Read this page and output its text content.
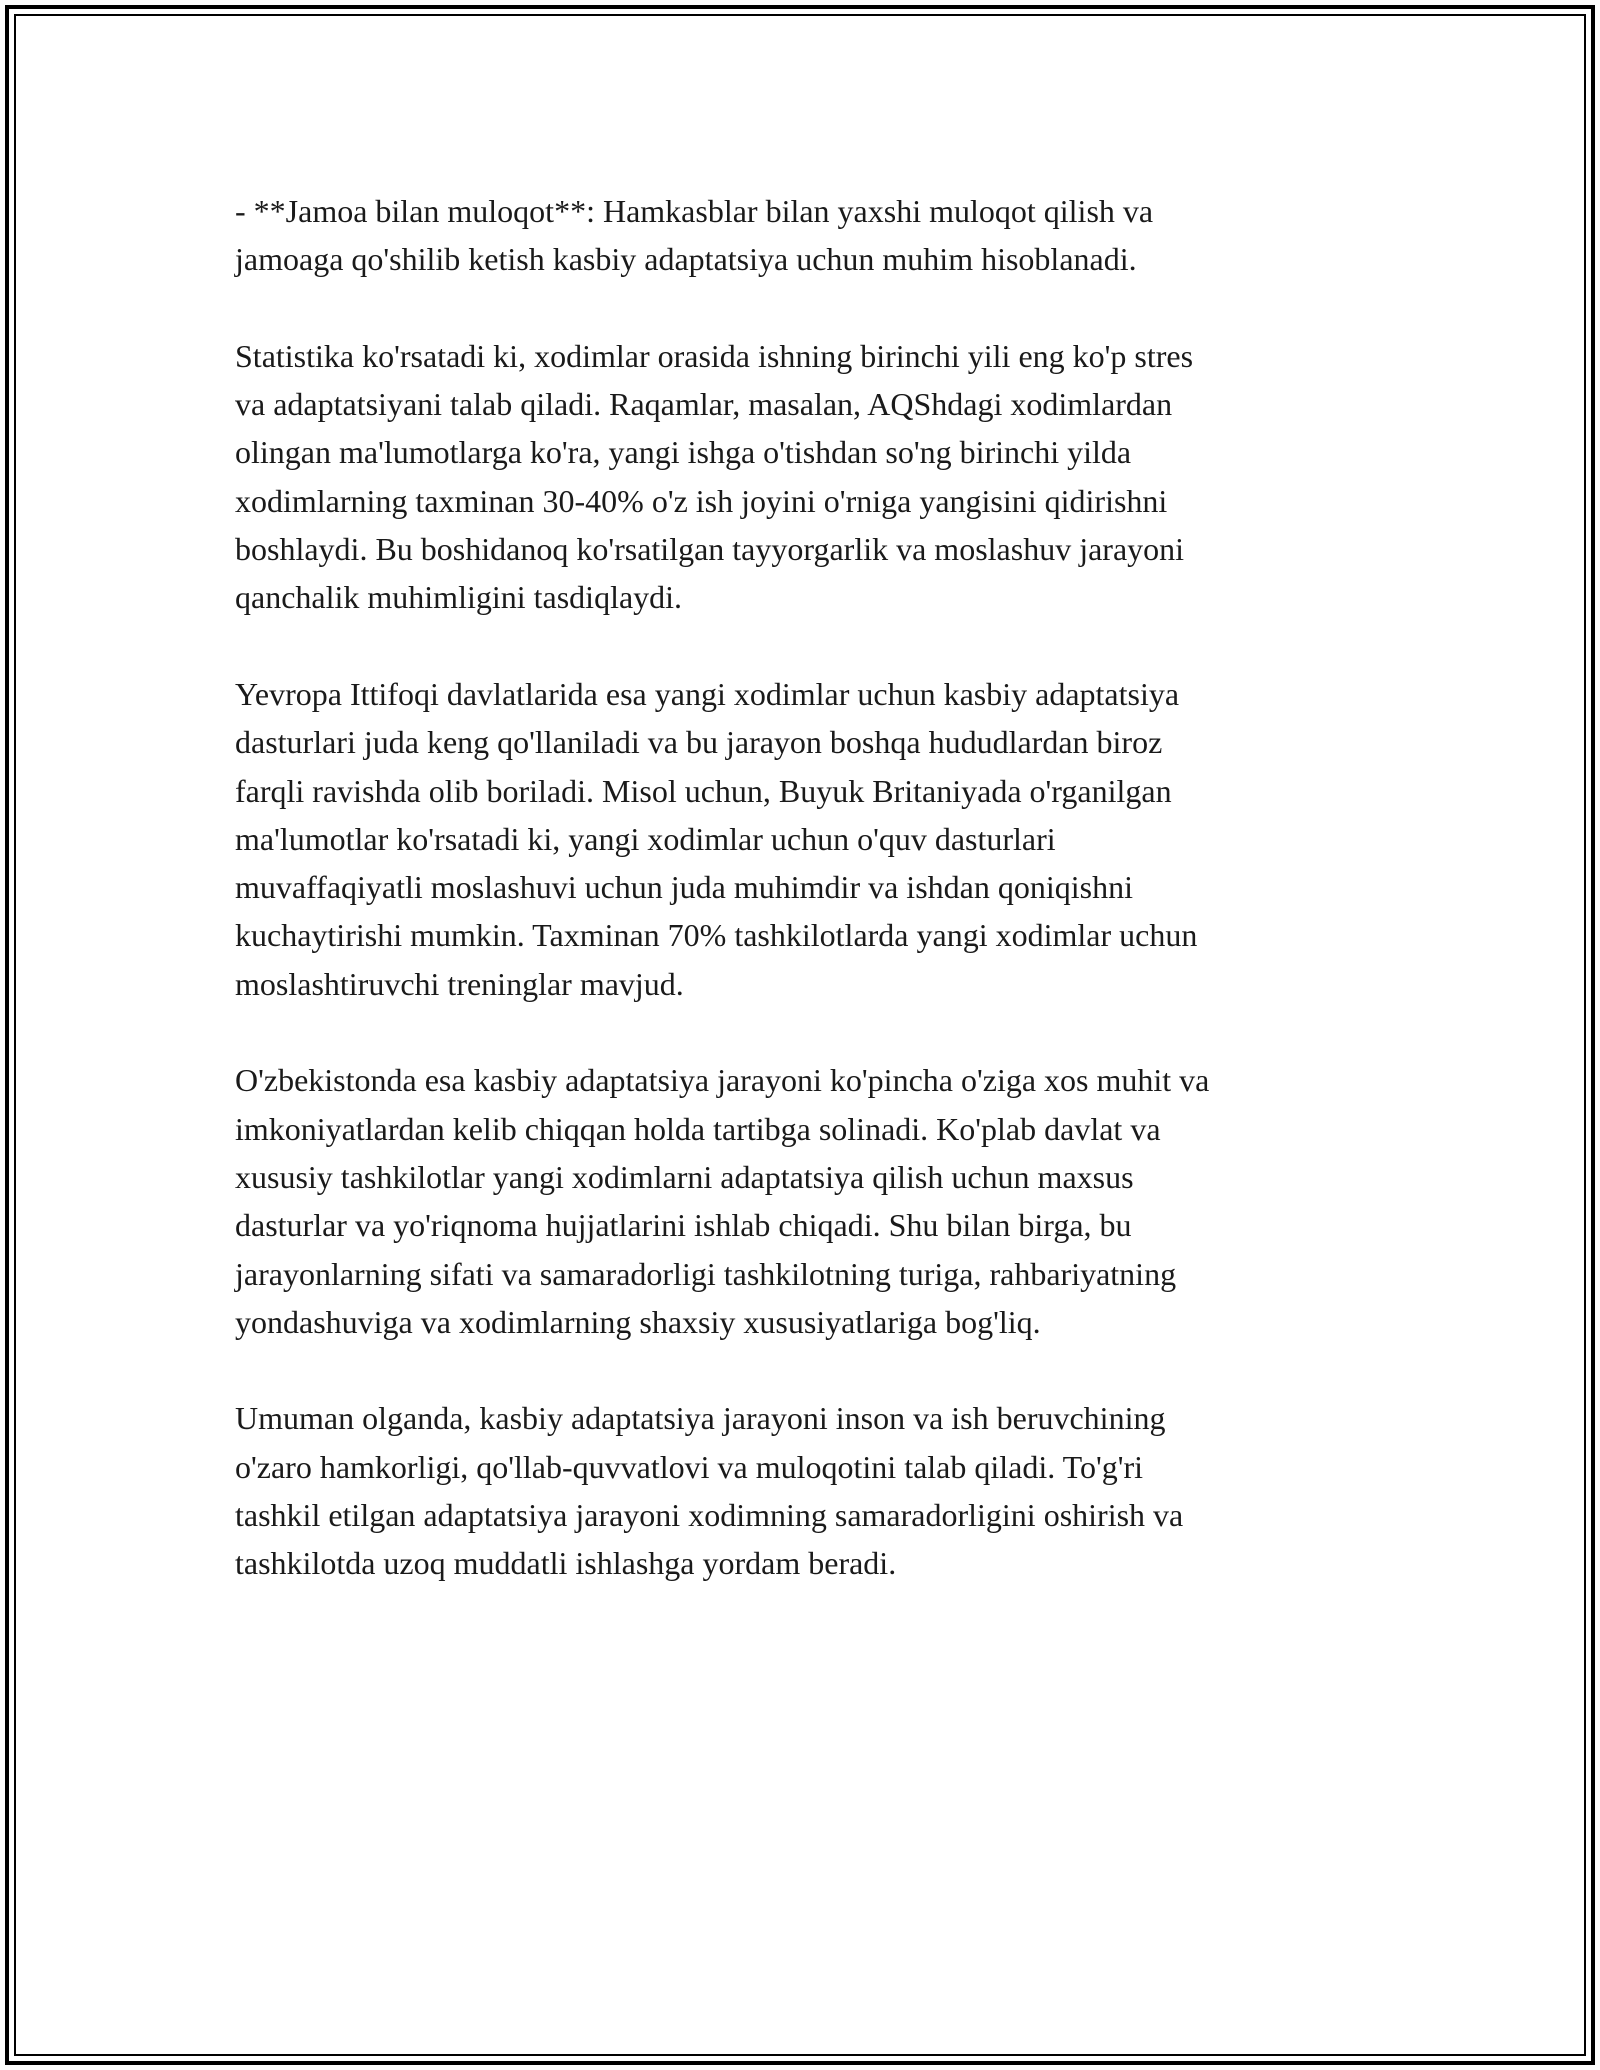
- **Jamoa bilan muloqot**: Hamkasblar bilan yaxshi muloqot qilish va
jamoaga qo'shilib ketish kasbiy adaptatsiya uchun muhim hisoblanadi.

Statistika ko'rsatadi ki, xodimlar orasida ishning birinchi yili eng ko'p stres
va adaptatsiyani talab qiladi. Raqamlar, masalan, AQShdagi xodimlardan
olingan ma'lumotlarga ko'ra, yangi ishga o'tishdan so'ng birinchi yilda
xodimlarning taxminan 30-40% o'z ish joyini o'rniga yangisini qidirishni
boshlaydi. Bu boshidanoq ko'rsatilgan tayyorgarlik va moslashuv jarayoni
qanchalik muhimligini tasdiqlaydi.

Yevropa Ittifoqi davlatlarida esa yangi xodimlar uchun kasbiy adaptatsiya
dasturlari juda keng qo'llaniladi va bu jarayon boshqa hududlardan biroz
farqli ravishda olib boriladi. Misol uchun, Buyuk Britaniyada o'rganilgan
ma'lumotlar ko'rsatadi ki, yangi xodimlar uchun o'quv dasturlari
muvaffaqiyatli moslashuvi uchun juda muhimdir va ishdan qoniqishni
kuchaytirishi mumkin. Taxminan 70% tashkilotlarda yangi xodimlar uchun
moslashtiruvchi treninglar mavjud.

O'zbekistonda esa kasbiy adaptatsiya jarayoni ko'pincha o'ziga xos muhit va
imkoniyatlardan kelib chiqqan holda tartibga solinadi. Ko'plab davlat va
xususiy tashkilotlar yangi xodimlarni adaptatsiya qilish uchun maxsus
dasturlar va yo'riqnoma hujjatlarini ishlab chiqadi. Shu bilan birga, bu
jarayonlarning sifati va samaradorligi tashkilotning turiga, rahbariyatning
yondashuviga va xodimlarning shaxsiy xususiyatlariga bog'liq.

Umuman olganda, kasbiy adaptatsiya jarayoni inson va ish beruvchining
o'zaro hamkorligi, qo'llab-quvvatlovi va muloqotini talab qiladi. To'g'ri
tashkil etilgan adaptatsiya jarayoni xodimning samaradorligini oshirish va
tashkilotda uzoq muddatli ishlashga yordam beradi.
